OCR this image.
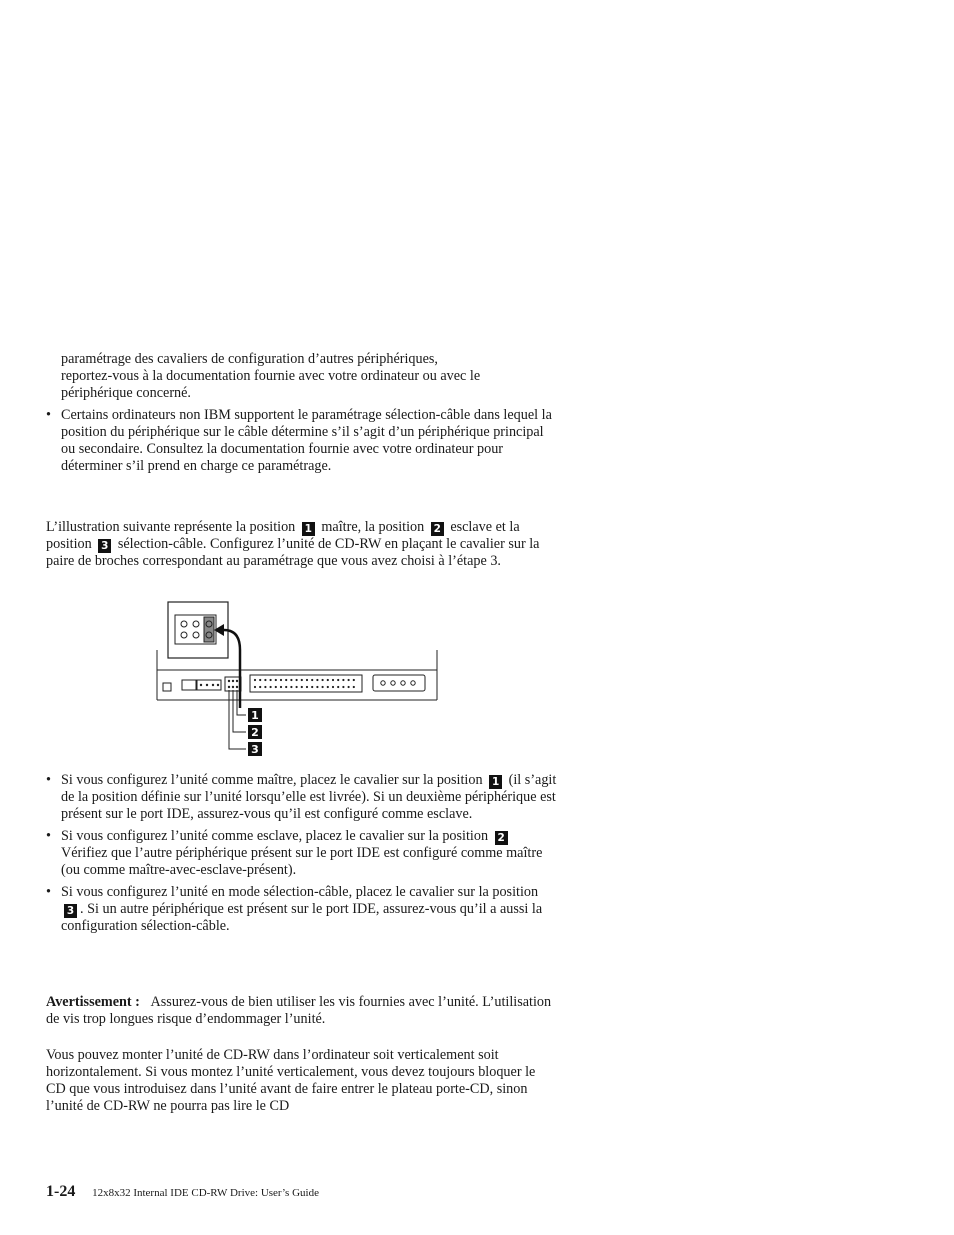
paramétrage des cavaliers de configuration d’autres périphériques,

reportez-vous à la documentation fournie avec votre ordinateur ou avec le

périphérique concerné.

• Certains ordinateurs non IBM supportent le paramétrage sélection-câble dans lequel la position du périphérique sur le câble détermine s’il s’agit d’un périphérique principal ou secondaire. Consultez la documentation fournie avec votre ordinateur pour déterminer s’il prend en charge ce paramétrage.

L’illustration suivante représente la position 1 maître, la position 2 esclave et la position 3 sélection-câble. Configurez l’unité de CD-RW en plaçant le cavalier sur la paire de broches correspondant au paramétrage que vous avez choisi à l’étape 3.

1
2
3
• Si vous configurez l’unité comme maître, placez le cavalier sur la position 1 (il s’agit de la position définie sur l’unité lorsqu’elle est livrée). Si un deuxième périphérique est présent sur le port IDE, assurez-vous qu’il est configuré comme esclave.

• Si vous configurez l’unité comme esclave, placez le cavalier sur la position 2 Vérifiez que l’autre périphérique présent sur le port IDE est configuré comme maître (ou comme maître-avec-esclave-présent).

• Si vous configurez l’unité en mode sélection-câble, placez le cavalier sur la position 3 . Si un autre périphérique est présent sur le port IDE, assurez-vous qu’il a aussi la configuration sélection-câble.

Avertissement : Assurez-vous de bien utiliser les vis fournies avec l’unité. L’utilisation de vis trop longues risque d’endommager l’unité.

Vous pouvez monter l’unité de CD-RW dans l’ordinateur soit verticalement soit horizontalement. Si vous montez l’unité verticalement, vous devez toujours bloquer le CD que vous introduisez dans l’unité avant de faire entrer le plateau porte-CD, sinon l’unité de CD-RW ne pourra pas lire le CD

1-24 12x8x32 Internal IDE CD-RW Drive: User’s Guide
